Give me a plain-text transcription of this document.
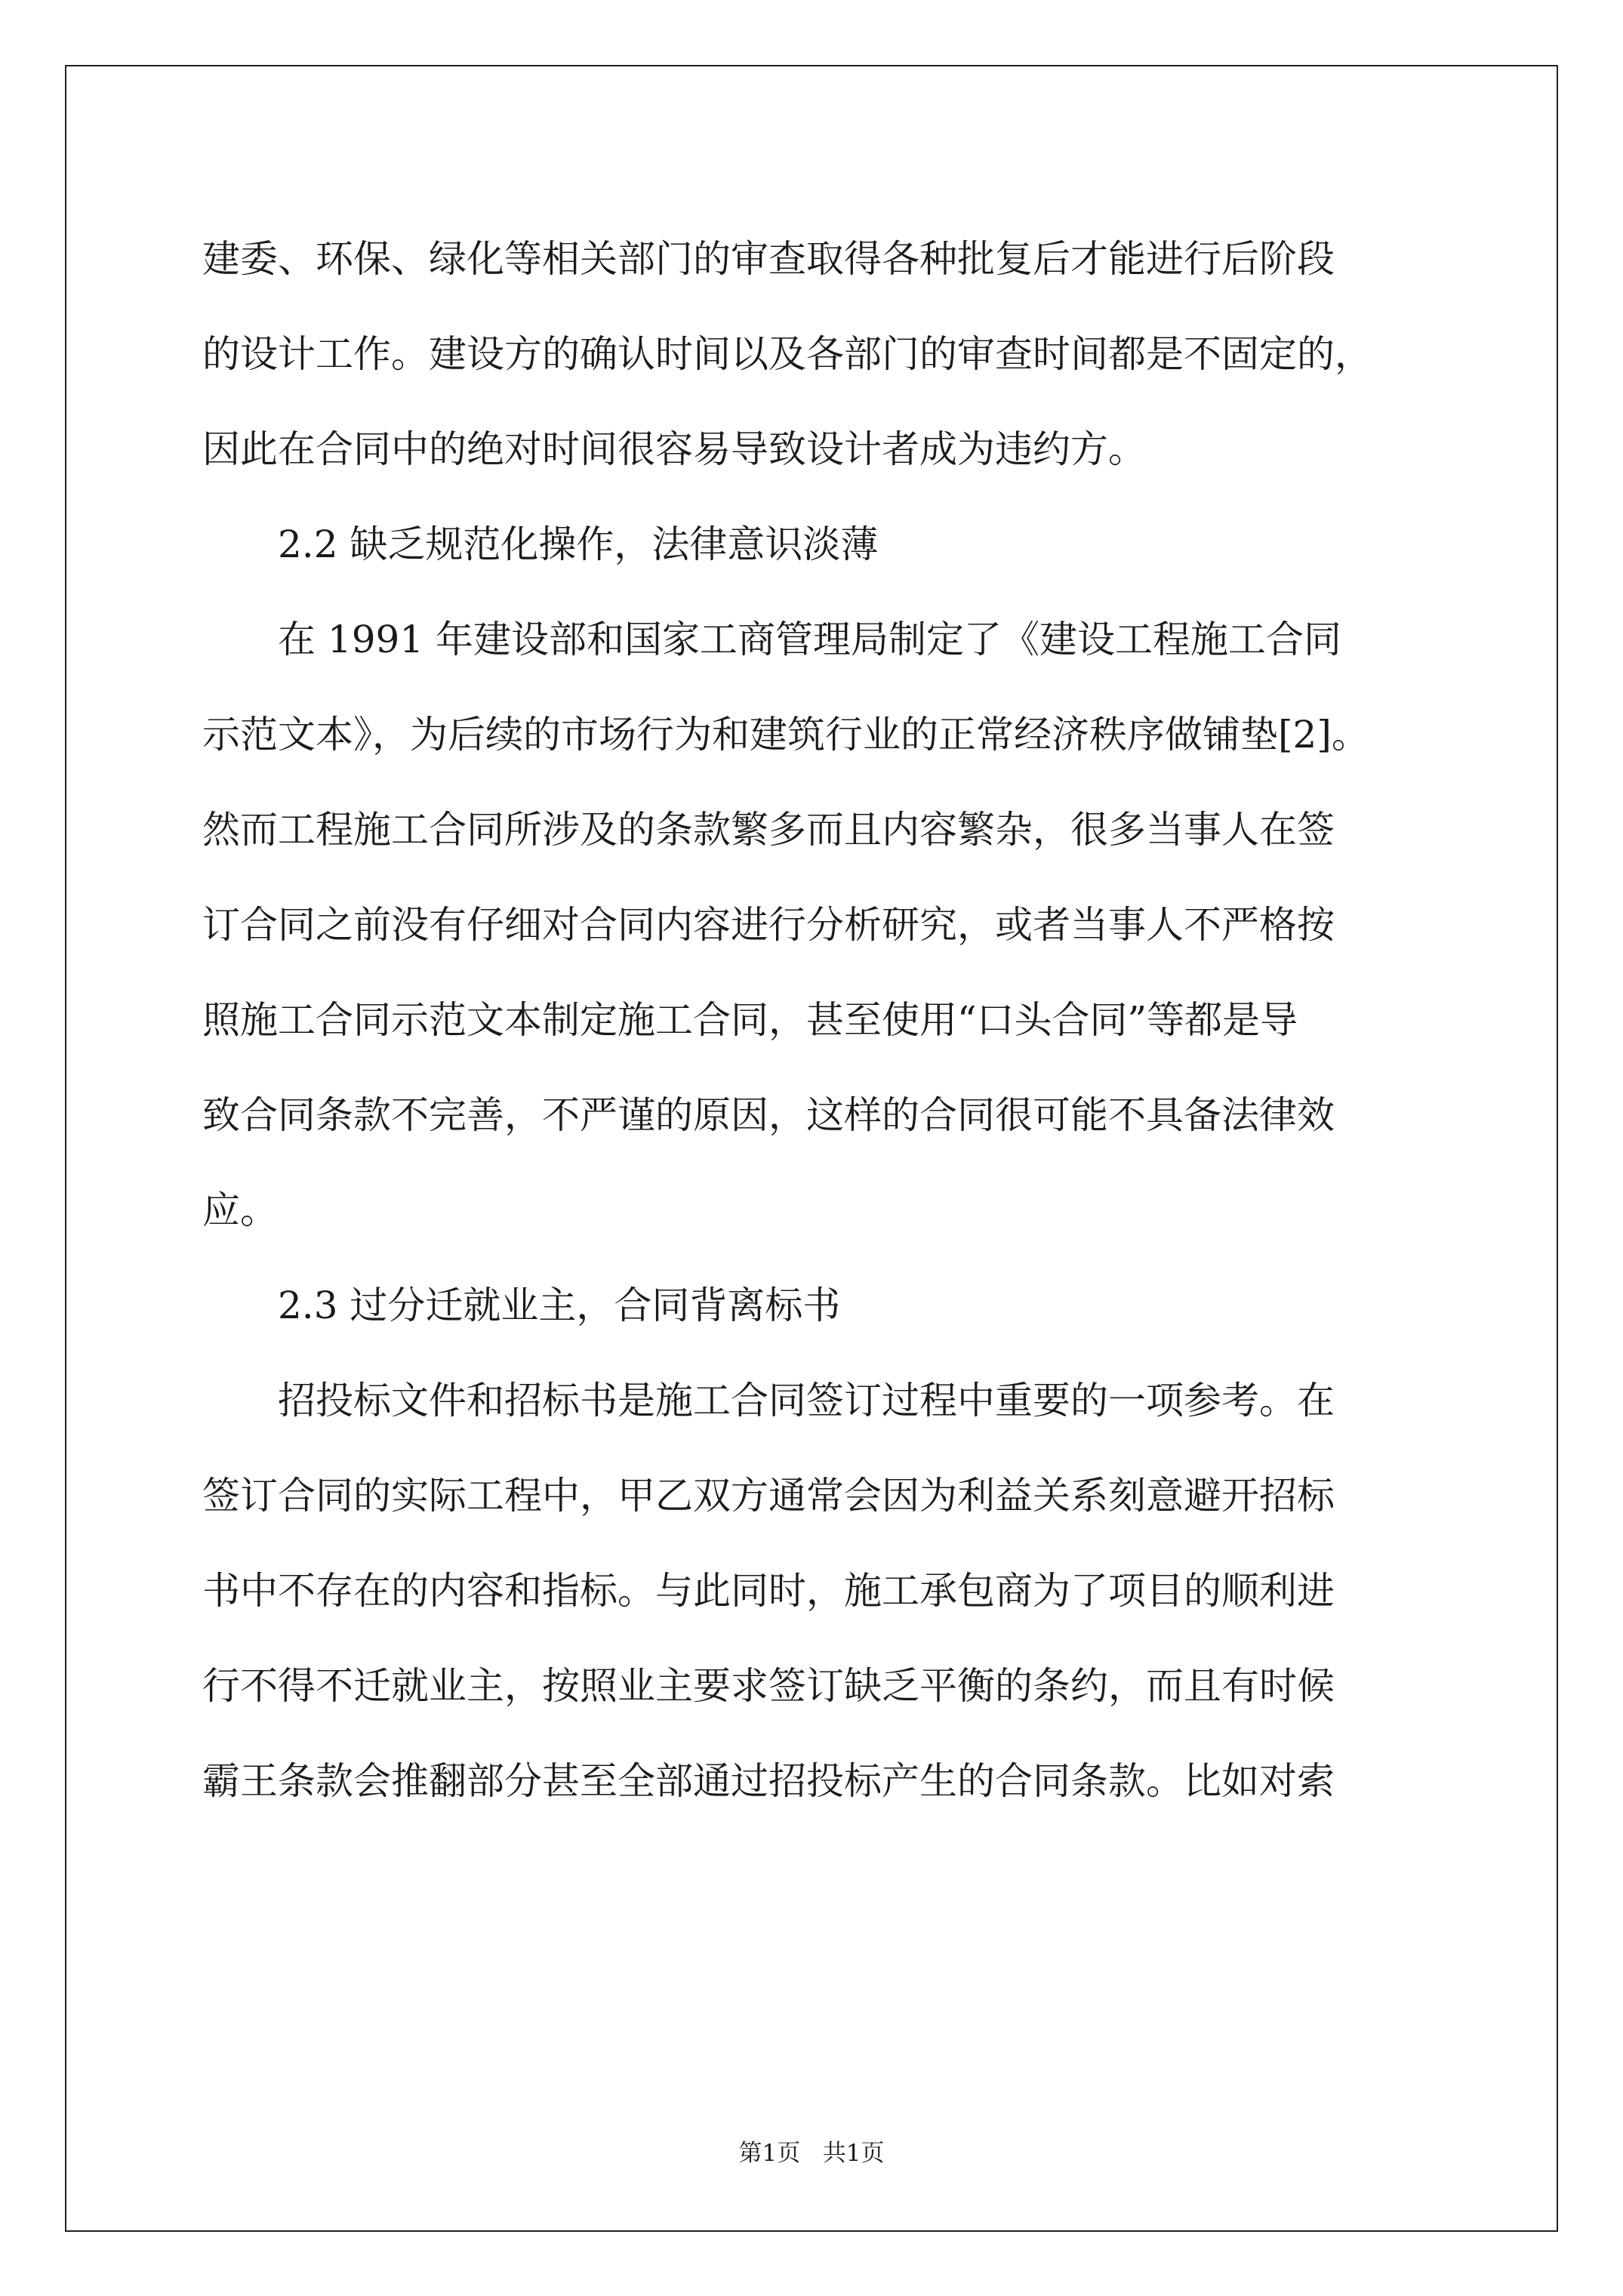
建委、环保、绿化等相关部门的审查取得各种批复后才能进行后阶段
的设计工作。建设方的确认时间以及各部门的审查时间都是不固定的，
因此在合同中的绝对时间很容易导致设计者成为违约方。
2.2 缺乏规范化操作，法律意识淡薄
在 1991 年建设部和国家工商管理局制定了《建设工程施工合同
示范文本》，为后续的市场行为和建筑行业的正常经济秩序做铺垫[2]。
然而工程施工合同所涉及的条款繁多而且内容繁杂，很多当事人在签
订合同之前没有仔细对合同内容进行分析研究，或者当事人不严格按
照施工合同示范文本制定施工合同，甚至使用“口头合同”等都是导
致合同条款不完善，不严谨的原因，这样的合同很可能不具备法律效
应。
2.3 过分迁就业主，合同背离标书
招投标文件和招标书是施工合同签订过程中重要的一项参考。在
签订合同的实际工程中，甲乙双方通常会因为利益关系刻意避开招标
书中不存在的内容和指标。与此同时，施工承包商为了项目的顺利进
行不得不迁就业主，按照业主要求签订缺乏平衡的条约，而且有时候
霸王条款会推翻部分甚至全部通过招投标产生的合同条款。比如对索
第1页   共1页
